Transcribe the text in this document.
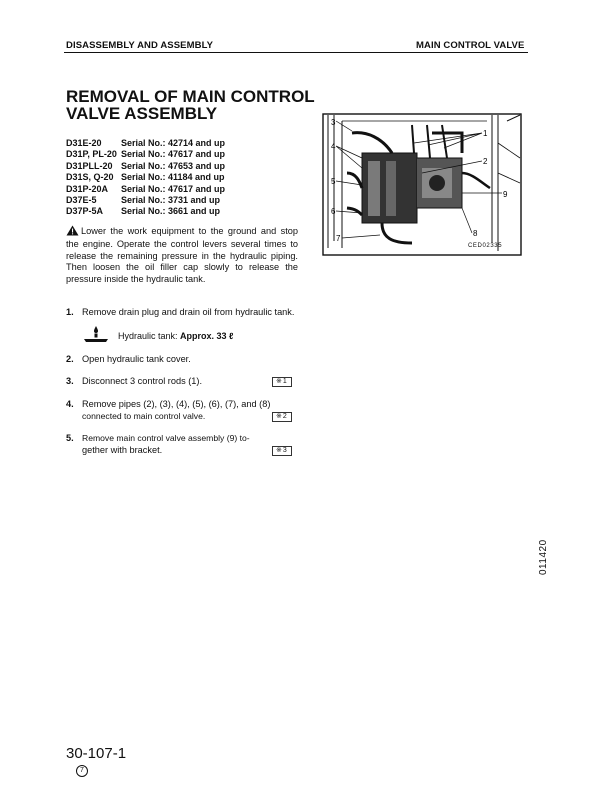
DISASSEMBLY AND ASSEMBLY	MAIN CONTROL VALVE
REMOVAL OF MAIN CONTROL VALVE ASSEMBLY
D31E-20 Serial No.: 42714 and up
D31P, PL-20 Serial No.: 47617 and up
D31PLL-20 Serial No.: 47653 and up
D31S, Q-20 Serial No.: 41184 and up
D31P-20A Serial No.: 47617 and up
D37E-5	Serial No.: 3731 and up
D37P-5A Serial No.: 3661 and up
Lower the work equipment to the ground and stop the engine. Operate the control levers several times to release the remaining pressure in the hydraulic piping. Then loosen the oil filler cap slowly to release the pressure inside the hydraulic tank.
1. Remove drain plug and drain oil from hydraulic tank.
Hydraulic tank: Approx. 33 ℓ
2. Open hydraulic tank cover.
3. Disconnect 3 control rods (1).	※1
4. Remove pipes (2), (3), (4), (5), (6), (7), and (8)
connected to main control valve.	※2
5. Remove main control valve assembly (9) to-
gether with bracket.	※3
3
4
5
6
7
1
2
9
8
CED02335
011420
30-107-1
7
